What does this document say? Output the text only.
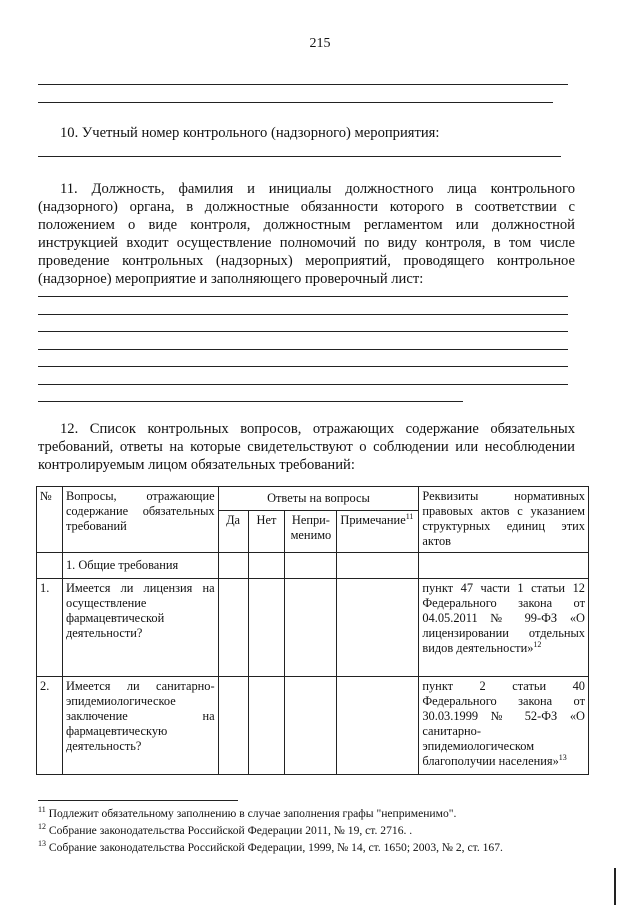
215
10. Учетный номер контрольного (надзорного) мероприятия:
11. Должность, фамилия и инициалы должностного лица контрольного (надзорного) органа, в должностные обязанности которого в соответствии с положением о виде контроля, должностным регламентом или должностной инструкцией входит осуществление полномочий по виду контроля, в том числе проведение контрольных (надзорных) мероприятий, проводящего контрольное (надзорное) мероприятие и заполняющего проверочный лист:
12. Список контрольных вопросов, отражающих содержание обязательных требований, ответы на которые свидетельствуют о соблюдении или несоблюдении контролируемым лицом обязательных требований:
№	Вопросы, отражающие содержание обязательных требований	Ответы на вопросы				Реквизиты нормативных правовых актов с указанием структурных единиц этих актов
		Да	Нет	Непри-менимо	Примечание$^{11}$
	1. Общие требования					
1.	Имеется ли лицензия на осуществление фармацевтической деятельности?					пункт 47 части 1 статьи 12 Федерального закона от 04.05.2011 № 99-ФЗ «О лицензировании отдельных видов деятельности»$^{12}$
2.	Имеется ли санитарно-эпидемиологическое заключение на фармацевтическую деятельность?					пункт 2 статьи 40 Федерального закона от 30.03.1999 № 52-ФЗ «О санитарно-эпидемиологическом благополучии населения»$^{13}$
$^{11}$ Подлежит обязательному заполнению в случае заполнения графы "неприменимо".
$^{12}$ Собрание законодательства Российской Федерации 2011, № 19, ст. 2716. .
$^{13}$ Собрание законодательства Российской Федерации, 1999, № 14, ст. 1650; 2003, № 2, ст. 167.
